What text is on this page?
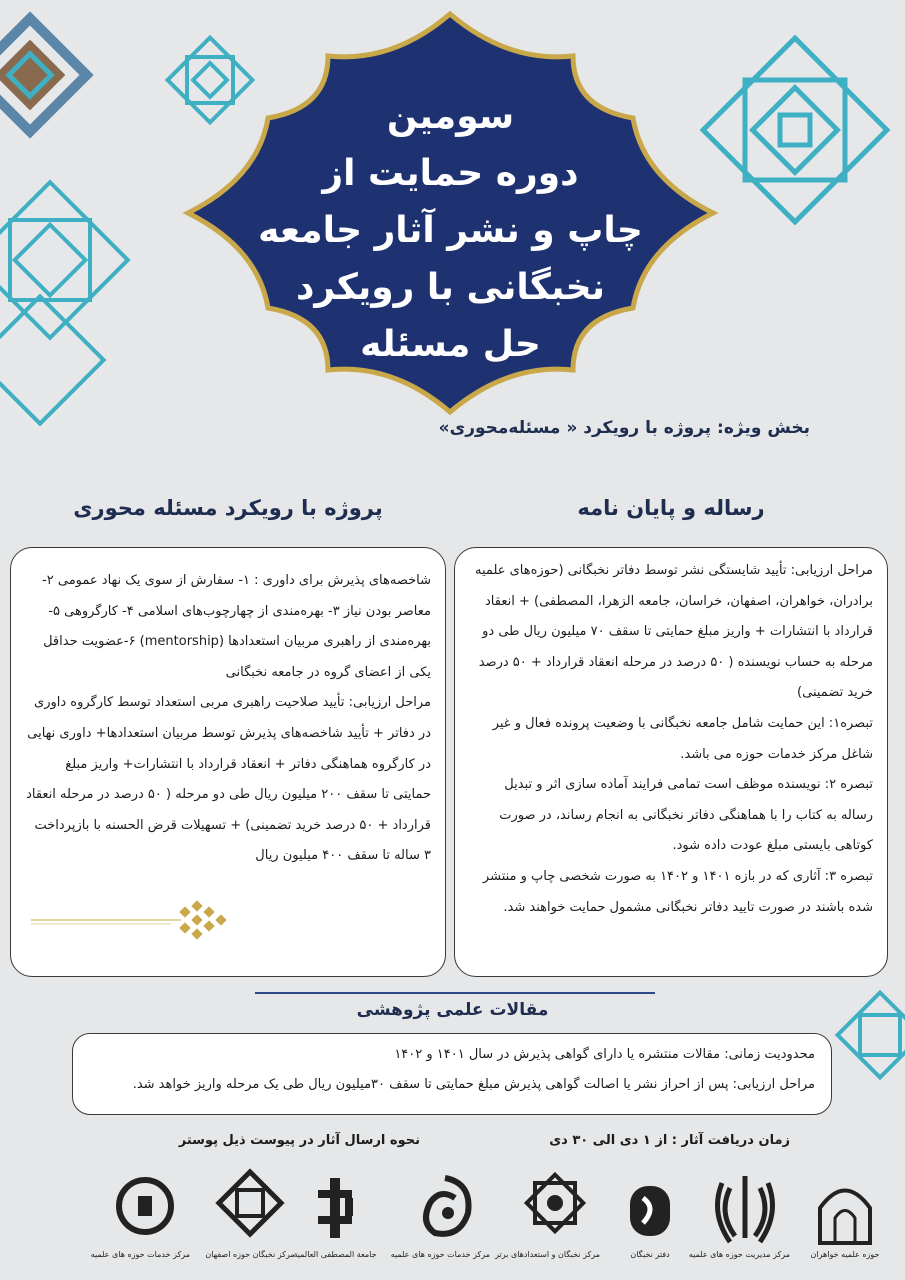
سومین
دوره حمایت از
چاپ و نشر آثار جامعه
نخبگانی با رویکرد
حل مسئله
بخش ویژه: پروژه با رویکرد « مسئله‌محوری»
رساله و پایان نامه
پروژه با رویکرد مسئله محوری

مراحل ارزیابی: تأیید شایستگی نشر توسط دفاتر نخبگانی (حوزه‌های علمیه برادران، خواهران، اصفهان، خراسان، جامعه الزهرا، المصطفی) + انعقاد قرارداد با انتشارات + واریز مبلغ حمایتی تا سقف ۷۰ میلیون ریال طی دو مرحله به حساب نویسنده ( ۵۰ درصد در مرحله انعقاد قرارداد + ۵۰ درصد خرید تضمینی)

تبصره۱: این حمایت شامل جامعه نخبگانی با وضعیت پرونده فعال و غیر شاغل مرکز خدمات حوزه می باشد.

تبصره ۲: نویسنده موظف است تمامی فرایند آماده سازی اثر و تبدیل رساله به کتاب را با هماهنگی دفاتر نخبگانی به انجام رساند، در صورت کوتاهی بایستی مبلغ عودت داده شود.

تبصره ۳: آثاری که در بازه ۱۴۰۱ و ۱۴۰۲ به صورت شخصی چاپ و منتشر شده باشند در صورت تایید دفاتر نخبگانی مشمول حمایت خواهند شد.

شاخصه‌های پذیرش برای داوری : ۱- سفارش از سوی یک نهاد عمومی ۲- معاصر بودن نیاز ۳- بهره‌مندی از چهارچوب‌های اسلامی ۴- کارگروهی ۵- بهره‌مندی از راهبری مربیان استعدادها (mentorship) ۶-عضویت حداقل یکی از اعضای گروه در جامعه نخبگانی

مراحل ارزیابی: تأیید صلاحیت راهبری مربی استعداد توسط کارگروه داوری در دفاتر + تأیید شاخصه‌های پذیرش توسط مربیان استعدادها+ داوری نهایی در کارگروه هماهنگی دفاتر + انعقاد قرارداد با انتشارات+ واریز مبلغ حمایتی تا سقف ۲۰۰ میلیون ریال طی دو مرحله ( ۵۰ درصد در مرحله انعقاد قرارداد + ۵۰ درصد خرید تضمینی) + تسهیلات قرض الحسنه با بازپرداخت ۳ ساله تا سقف ۴۰۰ میلیون ریال

مقالات علمی پژوهشی

محدودیت زمانی: مقالات منتشره یا دارای گواهی پذیرش در سال ۱۴۰۱ و ۱۴۰۲

مراحل ارزیابی: پس از احراز نشر یا اصالت گواهی پذیرش مبلغ حمایتی تا سقف ۳۰میلیون ریال طی یک مرحله واریز خواهد شد.

زمان دریافت آثار : از ۱ دی الی ۳۰ دی
نحوه ارسال آثار در پیوست ذیل پوستر
حوزه علمیه خواهران
مرکز مدیریت حوزه های علمیه
دفتر نخبگان
مرکز نخبگان و استعدادهای برتر
مرکز خدمات حوزه های علمیه
جامعة المصطفی العالمیة
مرکز نخبگان حوزه اصفهان
مرکز خدمات حوزه های علمیه
